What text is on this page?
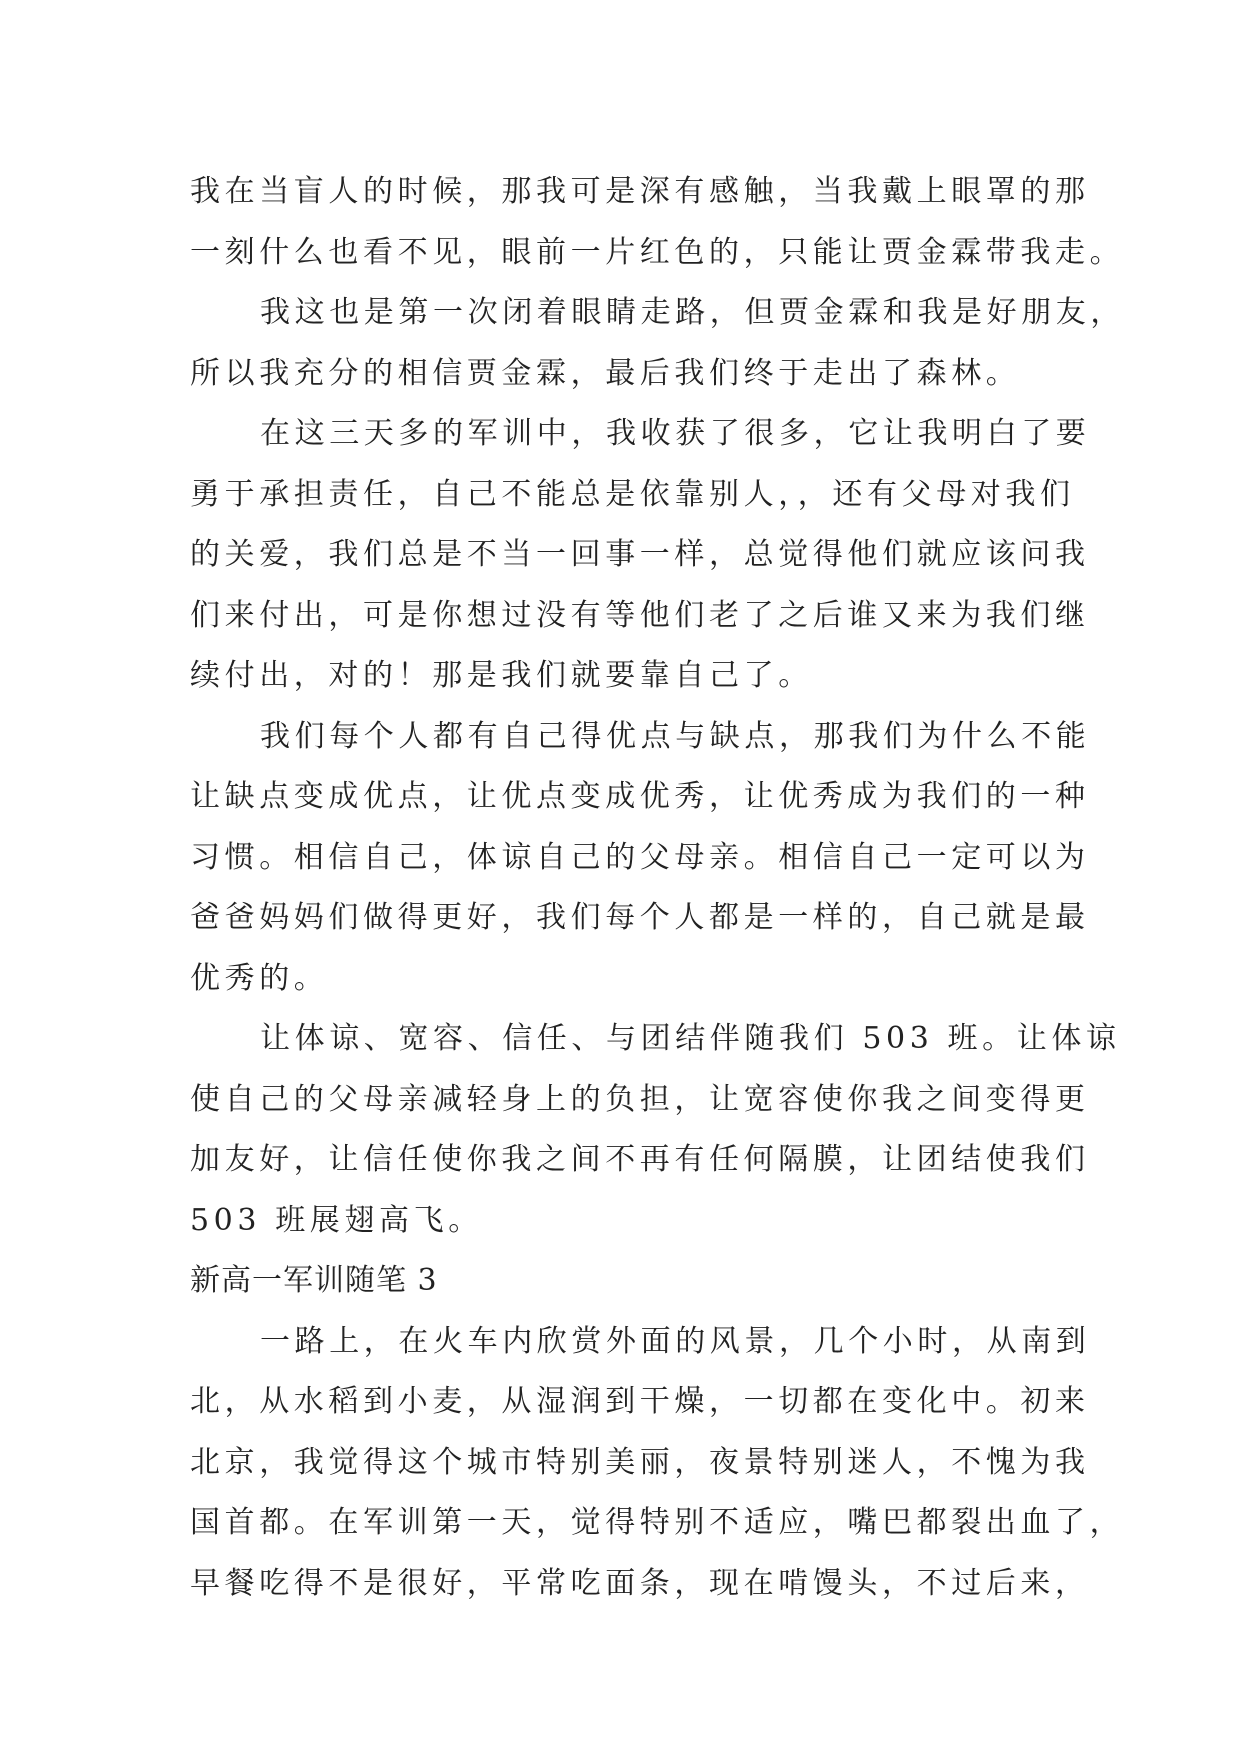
我在当盲人的时候，那我可是深有感触，当我戴上眼罩的那
一刻什么也看不见，眼前一片红色的，只能让贾金霖带我走。
我这也是第一次闭着眼睛走路，但贾金霖和我是好朋友，
所以我充分的相信贾金霖，最后我们终于走出了森林。
在这三天多的军训中，我收获了很多，它让我明白了要
勇于承担责任，自己不能总是依靠别人，，还有父母对我们
的关爱，我们总是不当一回事一样，总觉得他们就应该问我
们来付出，可是你想过没有等他们老了之后谁又来为我们继
续付出，对的！那是我们就要靠自己了。
我们每个人都有自己得优点与缺点，那我们为什么不能
让缺点变成优点，让优点变成优秀，让优秀成为我们的一种
习惯。相信自己，体谅自己的父母亲。相信自己一定可以为
爸爸妈妈们做得更好，我们每个人都是一样的，自己就是最
优秀的。
让体谅、宽容、信任、与团结伴随我们 503 班。让体谅
使自己的父母亲减轻身上的负担，让宽容使你我之间变得更
加友好，让信任使你我之间不再有任何隔膜，让团结使我们
503 班展翅高飞。
新高一军训随笔 3
一路上，在火车内欣赏外面的风景，几个小时，从南到
北，从水稻到小麦，从湿润到干燥，一切都在变化中。初来
北京，我觉得这个城市特别美丽，夜景特别迷人，不愧为我
国首都。在军训第一天，觉得特别不适应，嘴巴都裂出血了，
早餐吃得不是很好，平常吃面条，现在啃馒头，不过后来，
